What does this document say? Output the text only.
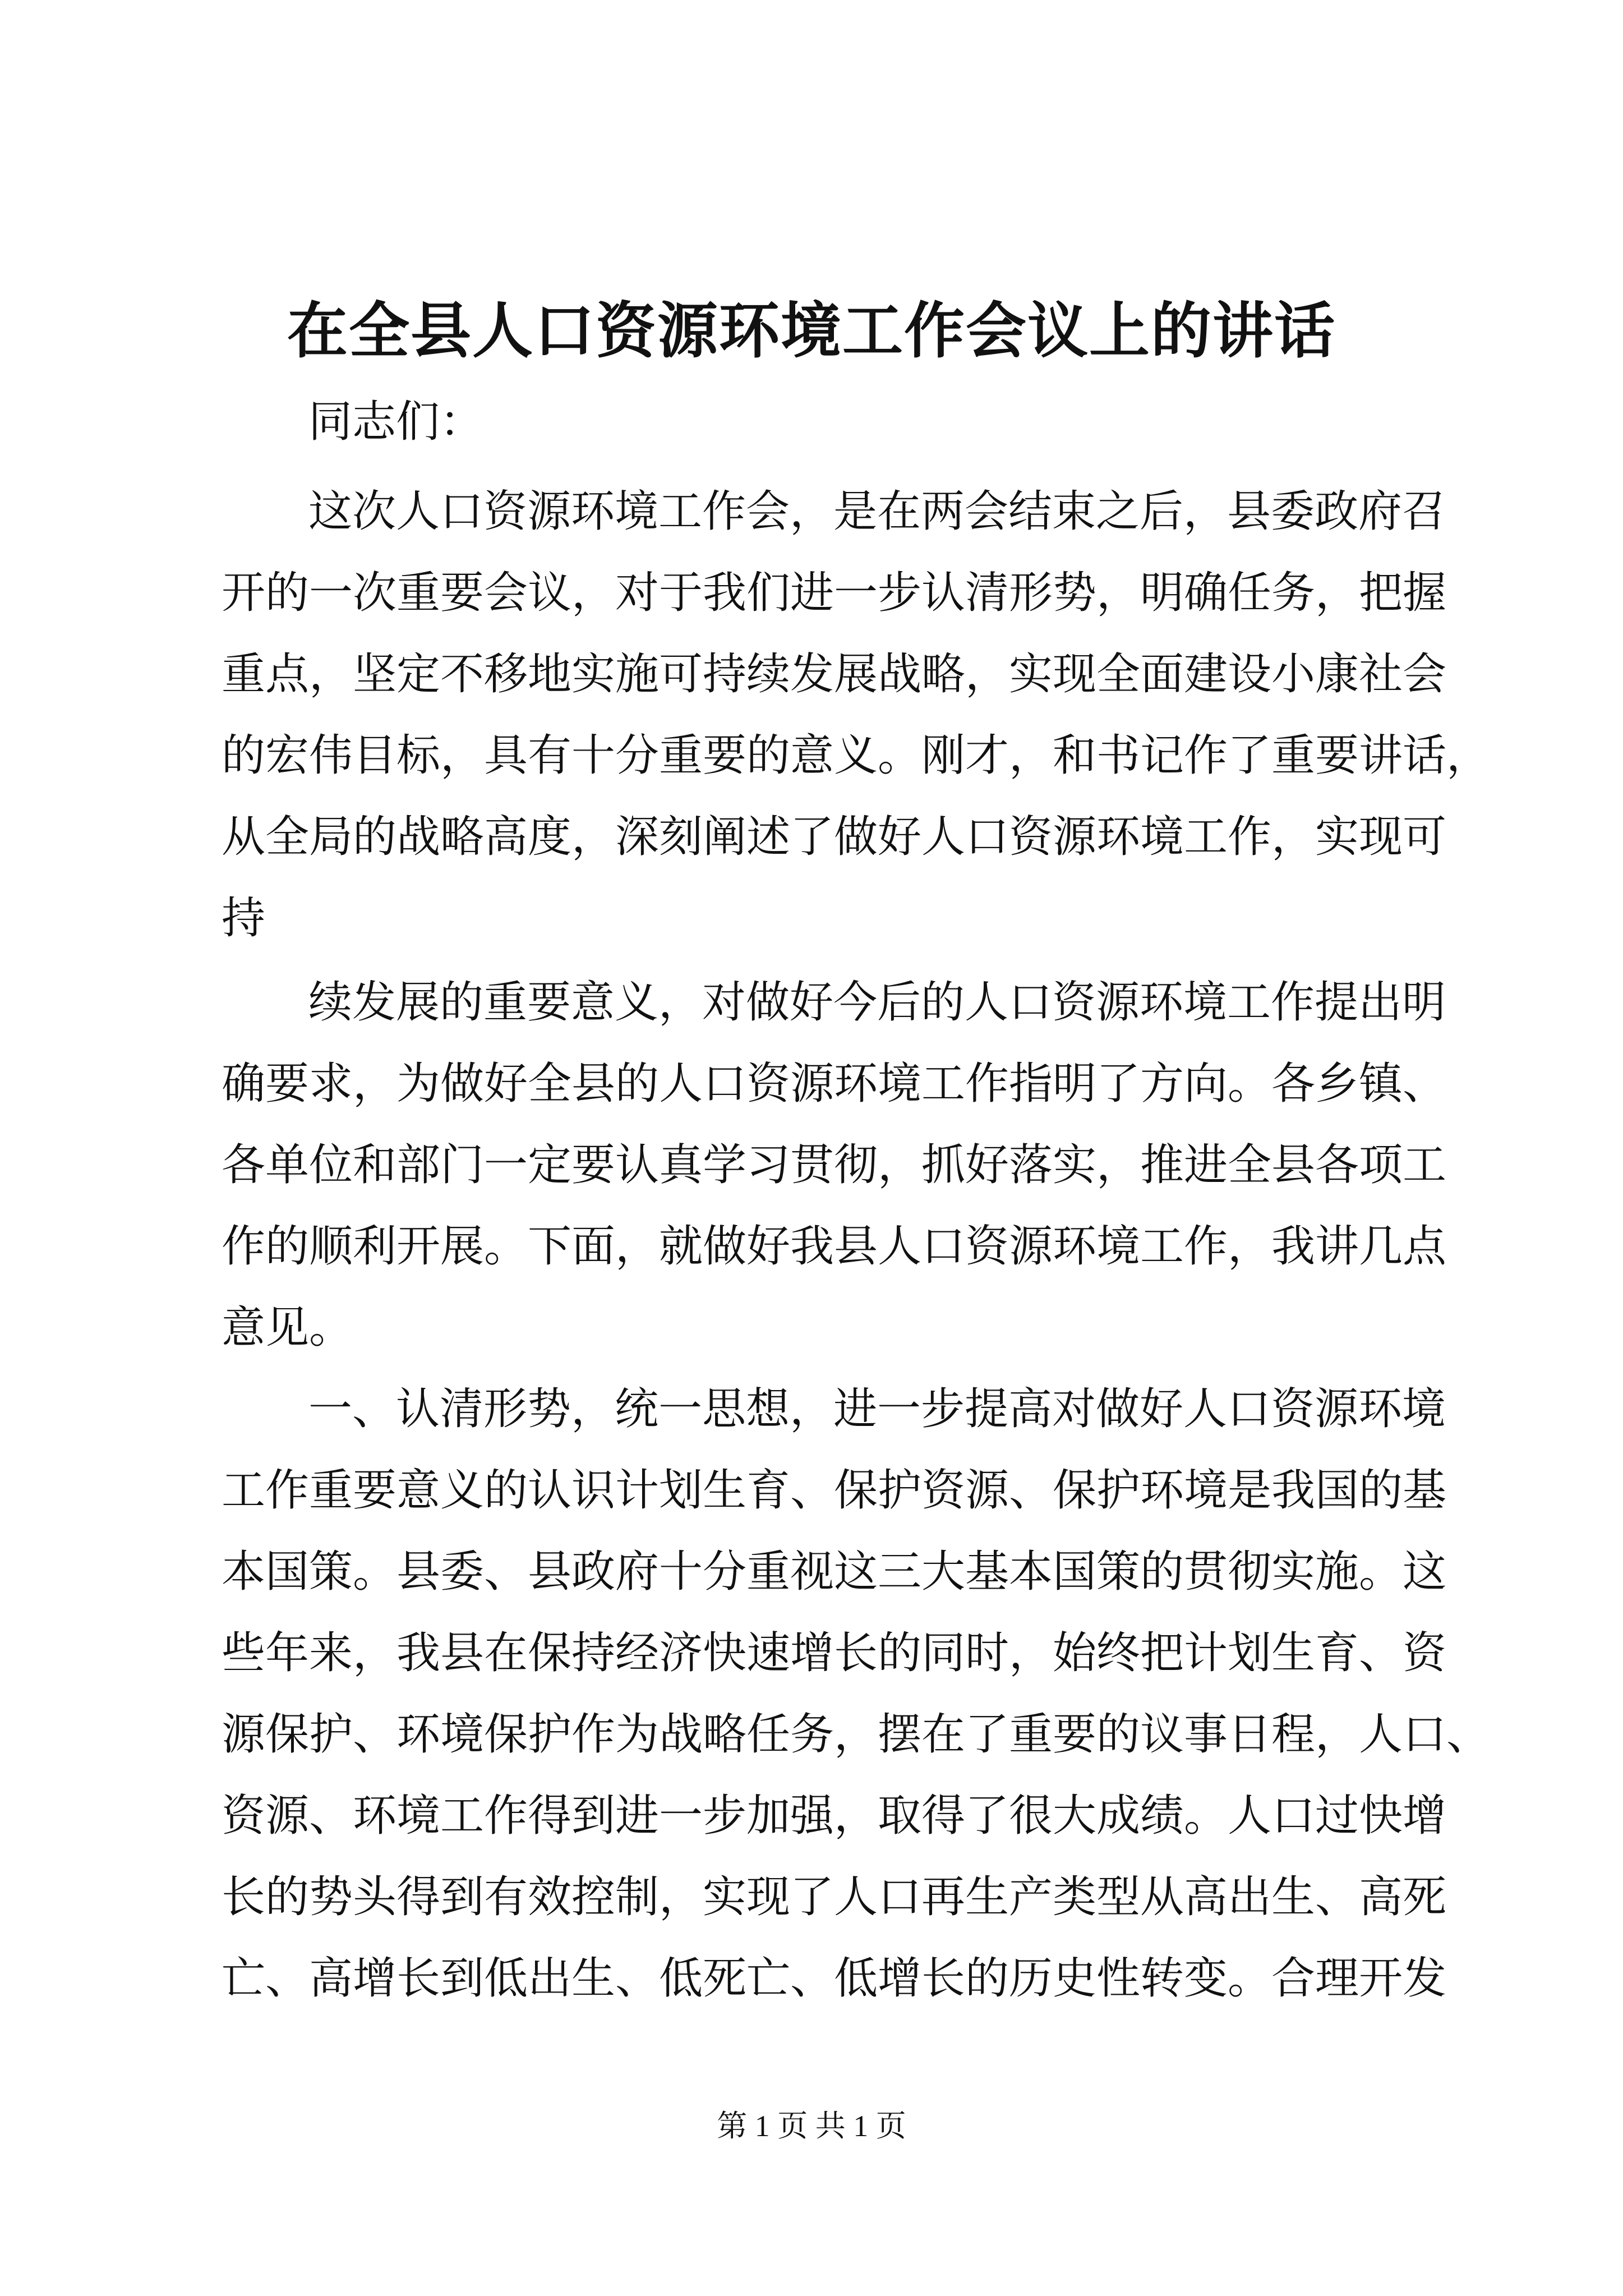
在全县人口资源环境工作会议上的讲话
同志们：
这次人口资源环境工作会，是在两会结束之后，县委政府召
开的一次重要会议，对于我们进一步认清形势，明确任务，把握
重点，坚定不移地实施可持续发展战略，实现全面建设小康社会
的宏伟目标，具有十分重要的意义。刚才，和书记作了重要讲话，
从全局的战略高度，深刻阐述了做好人口资源环境工作，实现可
持
续发展的重要意义，对做好今后的人口资源环境工作提出明
确要求，为做好全县的人口资源环境工作指明了方向。各乡镇、
各单位和部门一定要认真学习贯彻，抓好落实，推进全县各项工
作的顺利开展。下面，就做好我县人口资源环境工作，我讲几点
意见。
一、认清形势，统一思想，进一步提高对做好人口资源环境
工作重要意义的认识计划生育、保护资源、保护环境是我国的基
本国策。县委、县政府十分重视这三大基本国策的贯彻实施。这
些年来，我县在保持经济快速增长的同时，始终把计划生育、资
源保护、环境保护作为战略任务，摆在了重要的议事日程，人口、
资源、环境工作得到进一步加强，取得了很大成绩。人口过快增
长的势头得到有效控制，实现了人口再生产类型从高出生、高死
亡、高增长到低出生、低死亡、低增长的历史性转变。合理开发
第 1 页 共 1 页
